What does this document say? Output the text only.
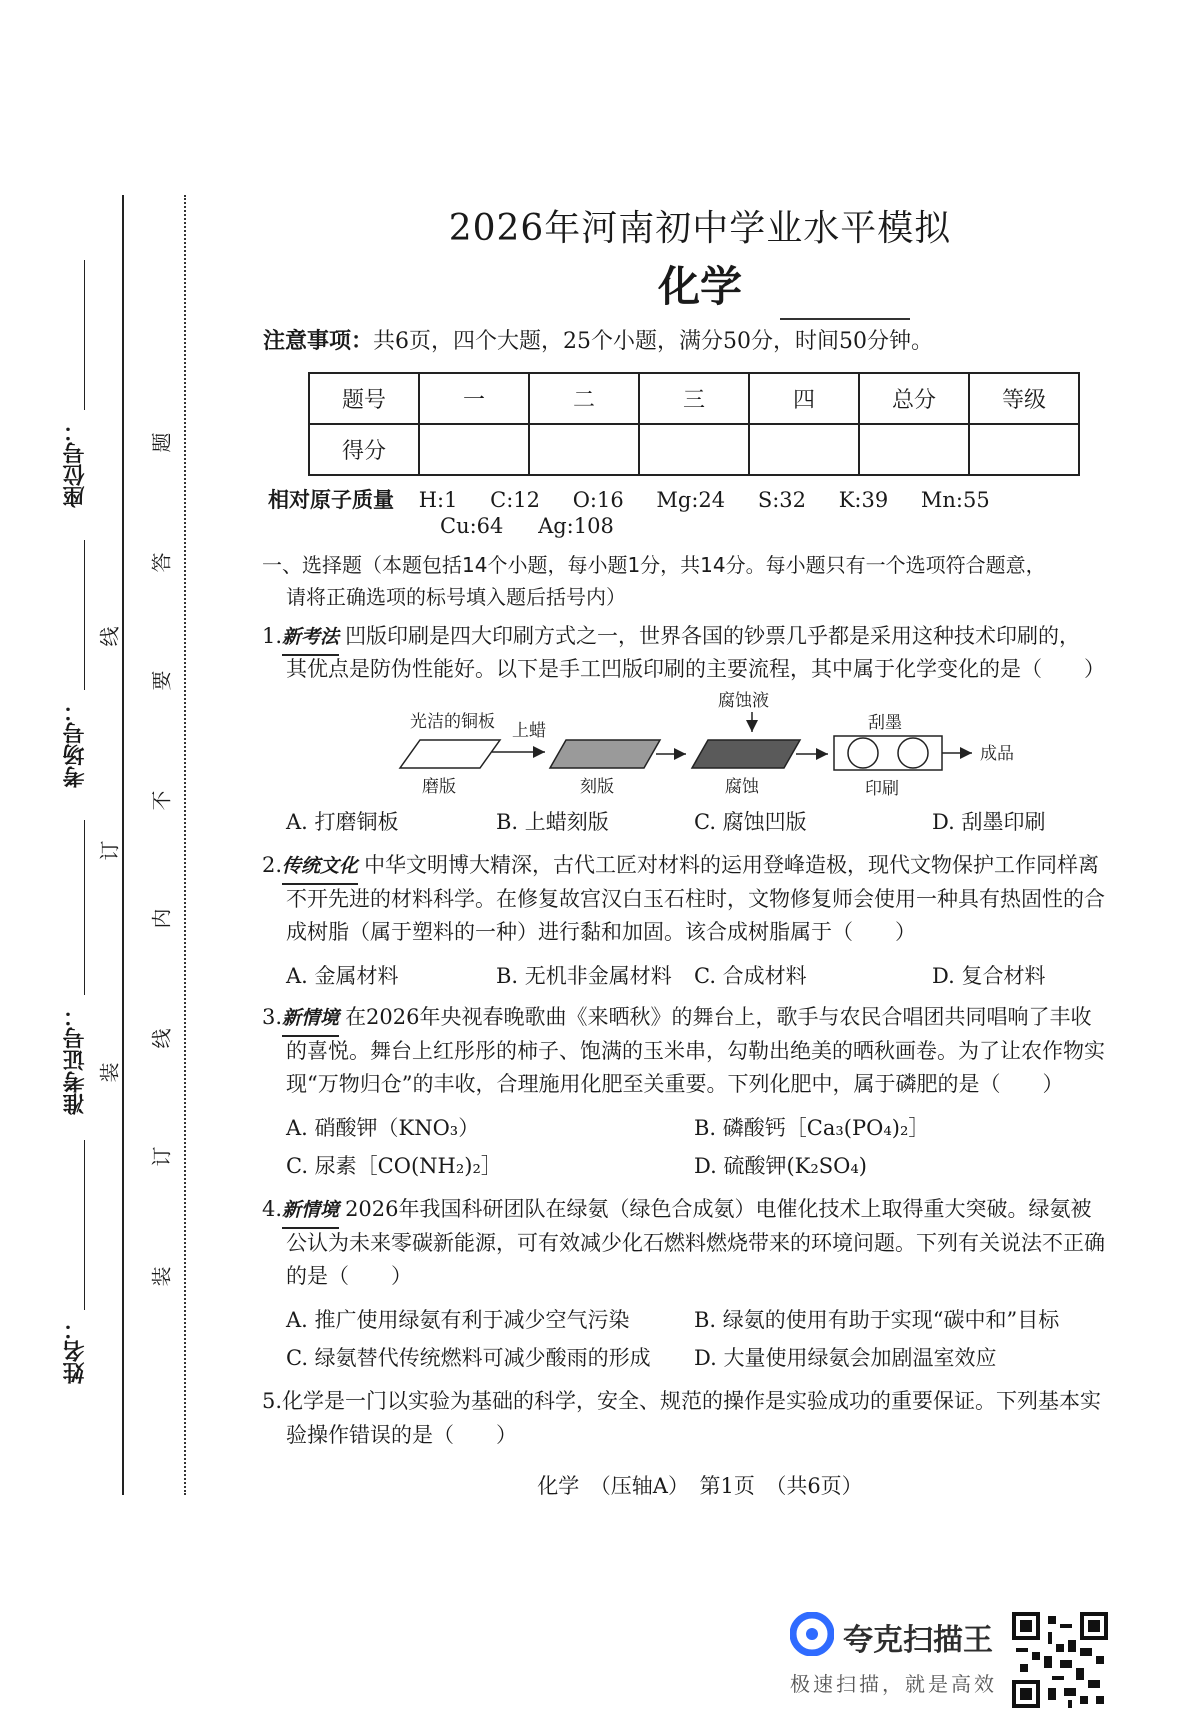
座位号：
考场号：
准考证号：
姓名：
线
订
装
题
答
要
不
内
线
订
装
2026年河南初中学业水平模拟
化学
注意事项：共6页，四个大题，25个小题，满分50分，时间50分钟。
题号	一	二	三	四	总分	等级
得分						
相对原子质量 H:1 C:12 O:16 Mg:24 S:32 K:39 Mn:55
Cu:64 Ag:108
一、选择题（本题包括14个小题，每小题1分，共14分。每小题只有一个选项符合题意，
请将正确选项的标号填入题后括号内）
1.新考法 凹版印刷是四大印刷方式之一，世界各国的钞票几乎都是采用这种技术印刷的，
其优点是防伪性能好。以下是手工凹版印刷的主要流程，其中属于化学变化的是（　　）
光洁的铜板
磨版
上蜡
刻版
腐蚀液
腐蚀
刮墨
印刷
成品
A. 打磨铜板	B. 上蜡刻版	C. 腐蚀凹版	D. 刮墨印刷
2.传统文化 中华文明博大精深，古代工匠对材料的运用登峰造极，现代文物保护工作同样离
不开先进的材料科学。在修复故宫汉白玉石柱时，文物修复师会使用一种具有热固性的合
成树脂（属于塑料的一种）进行黏和加固。该合成树脂属于（　　）
A. 金属材料	B. 无机非金属材料 C. 合成材料	D. 复合材料
3.新情境 在2026年央视春晚歌曲《来晒秋》的舞台上，歌手与农民合唱团共同唱响了丰收
的喜悦。舞台上红彤彤的柿子、饱满的玉米串，勾勒出绝美的晒秋画卷。为了让农作物实
现“万物归仓”的丰收，合理施用化肥至关重要。下列化肥中，属于磷肥的是（　　）
A. 硝酸钾（KNO₃）	B. 磷酸钙［Ca₃(PO₄)₂］
C. 尿素［CO(NH₂)₂］	D. 硫酸钾(K₂SO₄)
4.新情境 2026年我国科研团队在绿氨（绿色合成氨）电催化技术上取得重大突破。绿氨被
公认为未来零碳新能源，可有效减少化石燃料燃烧带来的环境问题。下列有关说法不正确
的是（　　）
A. 推广使用绿氨有利于减少空气污染	B. 绿氨的使用有助于实现“碳中和”目标
C. 绿氨替代传统燃料可减少酸雨的形成 D. 大量使用绿氨会加剧温室效应
5.化学是一门以实验为基础的科学，安全、规范的操作是实验成功的重要保证。下列基本实
验操作错误的是（　　）
化学　（压轴A）　第1页　（共6页）
夸克扫描王
极速扫描，就是高效
